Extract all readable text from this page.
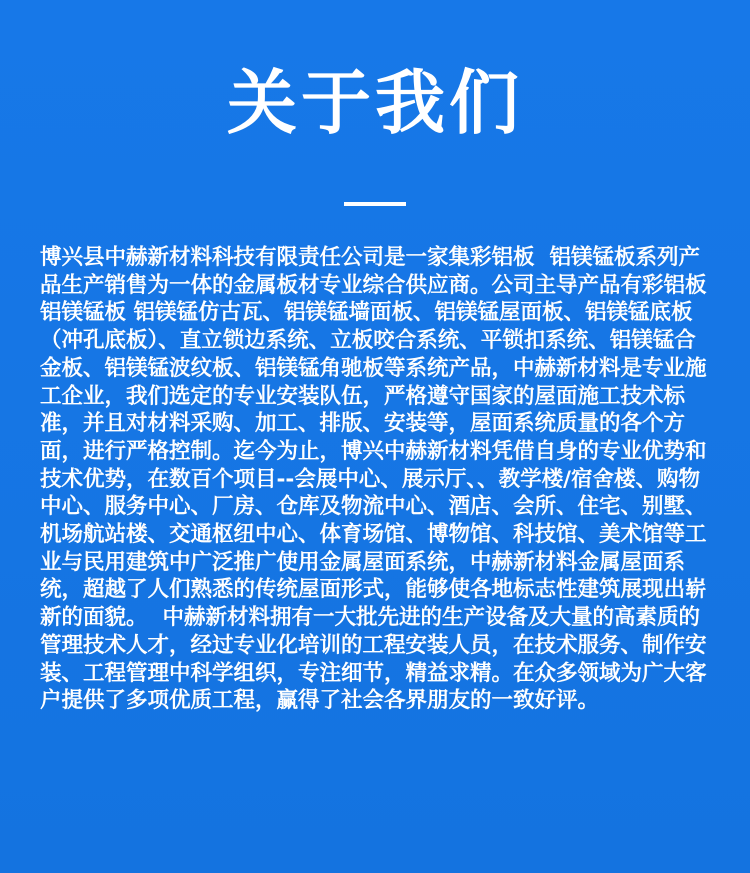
关于我们

博兴县中赫新材料科技有限责任公司是一家集彩铝板  铝镁锰板系列产品生产销售为一体的金属板材专业综合供应商。公司主导产品有彩铝板 铝镁锰板 铝镁锰仿古瓦、铝镁锰墙面板、铝镁锰屋面板、铝镁锰底板（冲孔底板）、直立锁边系统、立板咬合系统、平锁扣系统、铝镁锰合金板、铝镁锰波纹板、铝镁锰角驰板等系统产品，中赫新材料是专业施工企业，我们选定的专业安装队伍，严格遵守国家的屋面施工技术标准，并且对材料采购、加工、排版、安装等，屋面系统质量的各个方面，进行严格控制。迄今为止，博兴中赫新材料凭借自身的专业优势和技术优势，在数百个项目--会展中心、展示厅、、教学楼/宿舍楼、购物中心、服务中心、厂房、仓库及物流中心、酒店、会所、住宅、别墅、机场航站楼、交通枢纽中心、体育场馆、博物馆、科技馆、美术馆等工业与民用建筑中广泛推广使用金属屋面系统，中赫新材料金属屋面系统，超越了人们熟悉的传统屋面形式，能够使各地标志性建筑展现出崭新的面貌。  中赫新材料拥有一大批先进的生产设备及大量的高素质的管理技术人才，经过专业化培训的工程安装人员，在技术服务、制作安装、工程管理中科学组织，专注细节，精益求精。在众多领域为广大客户提供了多项优质工程，赢得了社会各界朋友的一致好评。
